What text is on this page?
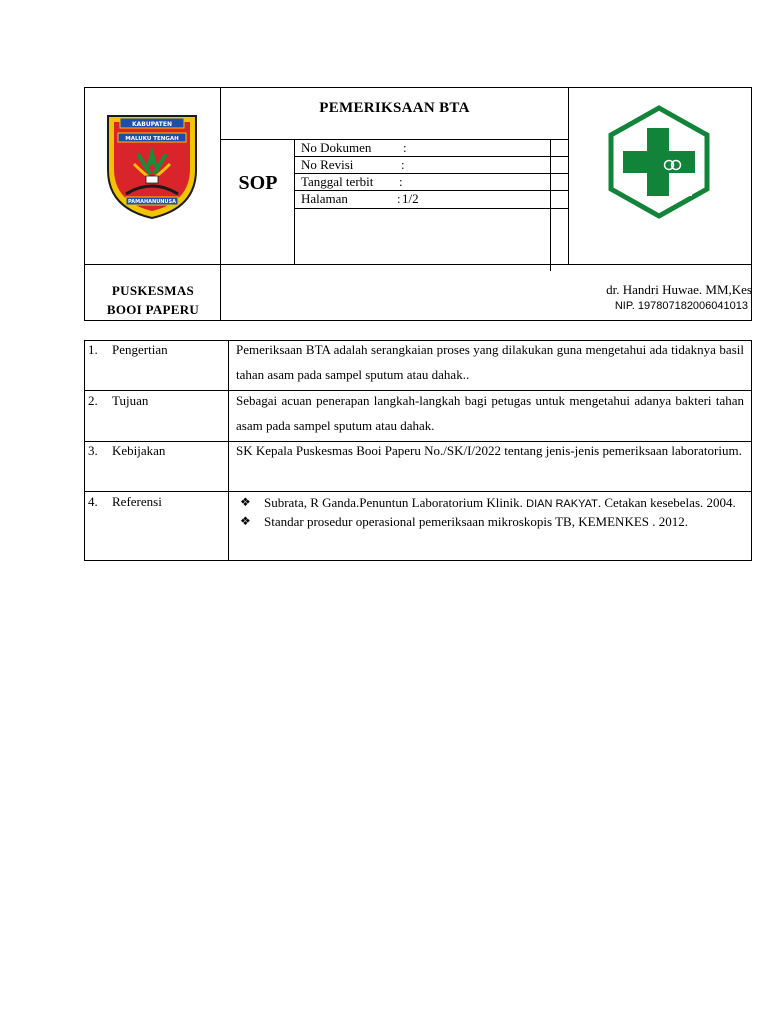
KABUPATEN
MALUKU TENGAH
PAMAHANUNUSA
PEMERIKSAAN BTA
SOP
No Dokumen :
No Revisi	:
Tanggal terbit :
Halaman	: 1/2
PUSKESMAS
BOOI PAPERU
dr. Handri Huwae. MM,Kes
NIP. 197807182006041013
1. Pengertian	Pemeriksaan BTA adalah serangkaian proses yang dilakukan guna mengetahui ada tidaknya basil tahan asam pada sampel sputum atau dahak..

2. Tujuan	Sebagai acuan penerapan langkah-langkah bagi petugas untuk mengetahui adanya bakteri tahan asam pada sampel sputum atau dahak.

3. Kebijakan	SK Kepala Puskesmas Booi Paperu No./SK/I/2022 tentang jenis-jenis pemeriksaan laboratorium.

4. Referensi	❖ Subrata, R Ganda.Penuntun Laboratorium Klinik. DIAN RAKYAT. Cetakan kesebelas. 2004.
❖ Standar prosedur operasional pemeriksaan mikroskopis TB, KEMENKES . 2012.
